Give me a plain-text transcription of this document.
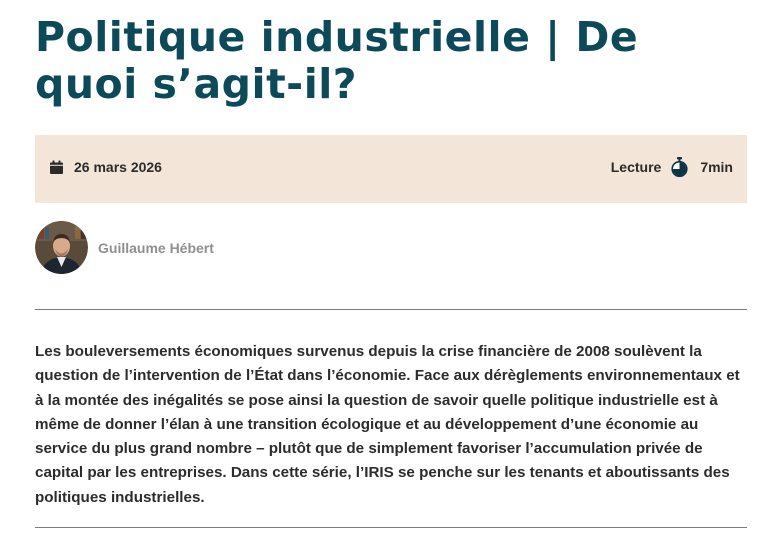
Politique industrielle | De quoi s’agit-il?
26 mars 2026	Lecture	7min
Guillaume Hébert

Les bouleversements économiques survenus depuis la crise financière de 2008 soulèvent la question de l’intervention de l’État dans l’économie. Face aux dérèglements environnementaux et à la montée des inégalités se pose ainsi la question de savoir quelle politique industrielle est à même de donner l’élan à une transition écologique et au développement d’une économie au service du plus grand nombre – plutôt que de simplement favoriser l’accumulation privée de capital par les entreprises. Dans cette série, l’IRIS se penche sur les tenants et aboutissants des politiques industrielles.
